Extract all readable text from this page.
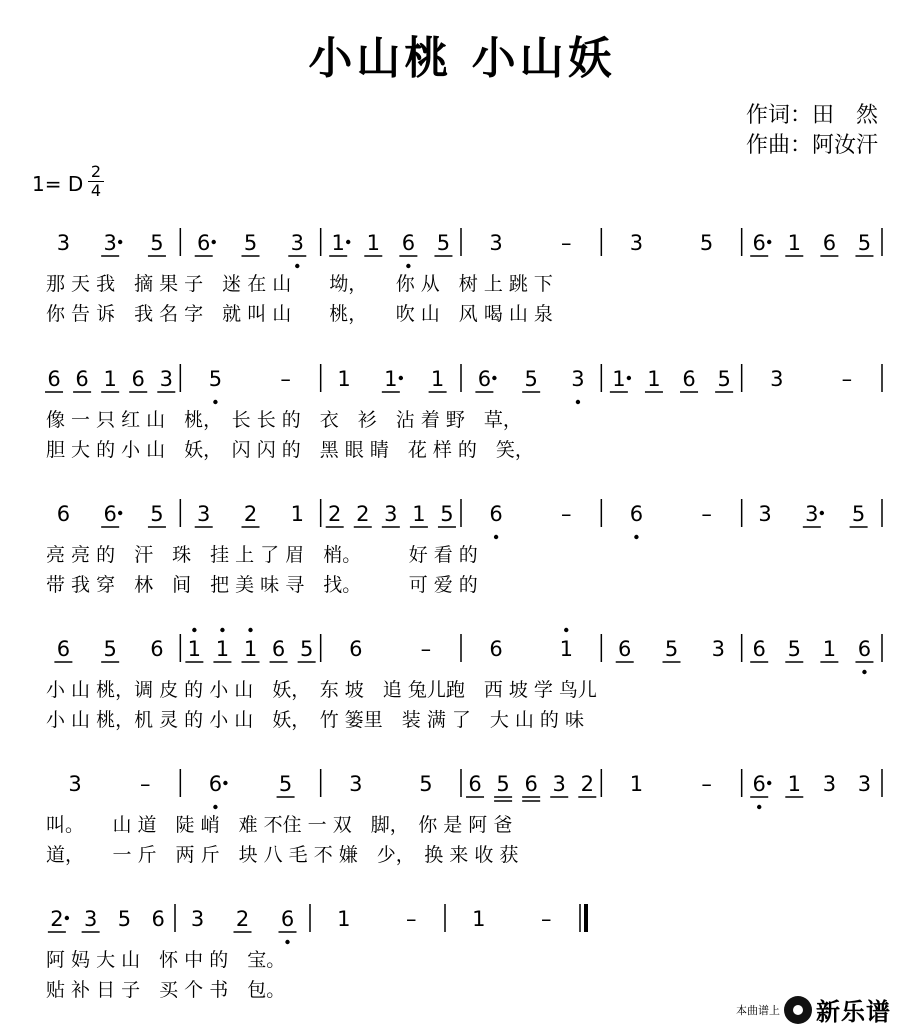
小山桃 小山妖
作词：田　然
作曲：阿汝汗
1= D
2
4
3 3 5 6 5 3 1 1 6 5 3	–	3	5 6 1 6 5
那 天 我　摘 果 子　迷 在 山　　坳，　　你 从　树 上 跳 下
你 告 诉　我 名 字　就 叫 山　　桃，　　吹 山　风 喝 山 泉
6 6 1 6 3 5	– 1 1 1 6 5 3 1 1 6 5 3	–
像 一 只 红 山　桃，　长 长 的　衣　衫　沾 着 野　草，
胆 大 的 小 山　妖，　闪 闪 的　黑 眼 睛　花 样 的　笑，
6 6 5 3 2 1 2 2 3 1 5 6	–	6	– 3 3 5
亮 亮 的　汗　珠　挂 上 了 眉　梢。　　　好 看 的
带 我 穿　林　间　把 美 味 寻　找。　　　可 爱 的
6 5 6 1 1 1 6 5 6	–	6	1 6 5 3 6 5 1 6
小 山 桃，调 皮 的 小 山　妖，　东 坡　追 兔儿跑　西 坡 学 鸟儿
小 山 桃，机 灵 的 小 山　妖，　竹 篓里　装 满 了　大 山 的 味
3	–	6	5	3	5 6 5 6 3 2 1	– 6 1 3 3
叫。　　山 道　陡 峭　难 不住 一 双　脚，　你 是 阿 爸
道，　　一 斤　两 斤　块 八 毛 不 嫌　少，　换 来 收 获
2 3 5 6 3 2 6 1	–	1	–
阿 妈 大 山　怀 中 的　宝。
贴 补 日 子　买 个 书　包。
本曲谱上 新乐谱
